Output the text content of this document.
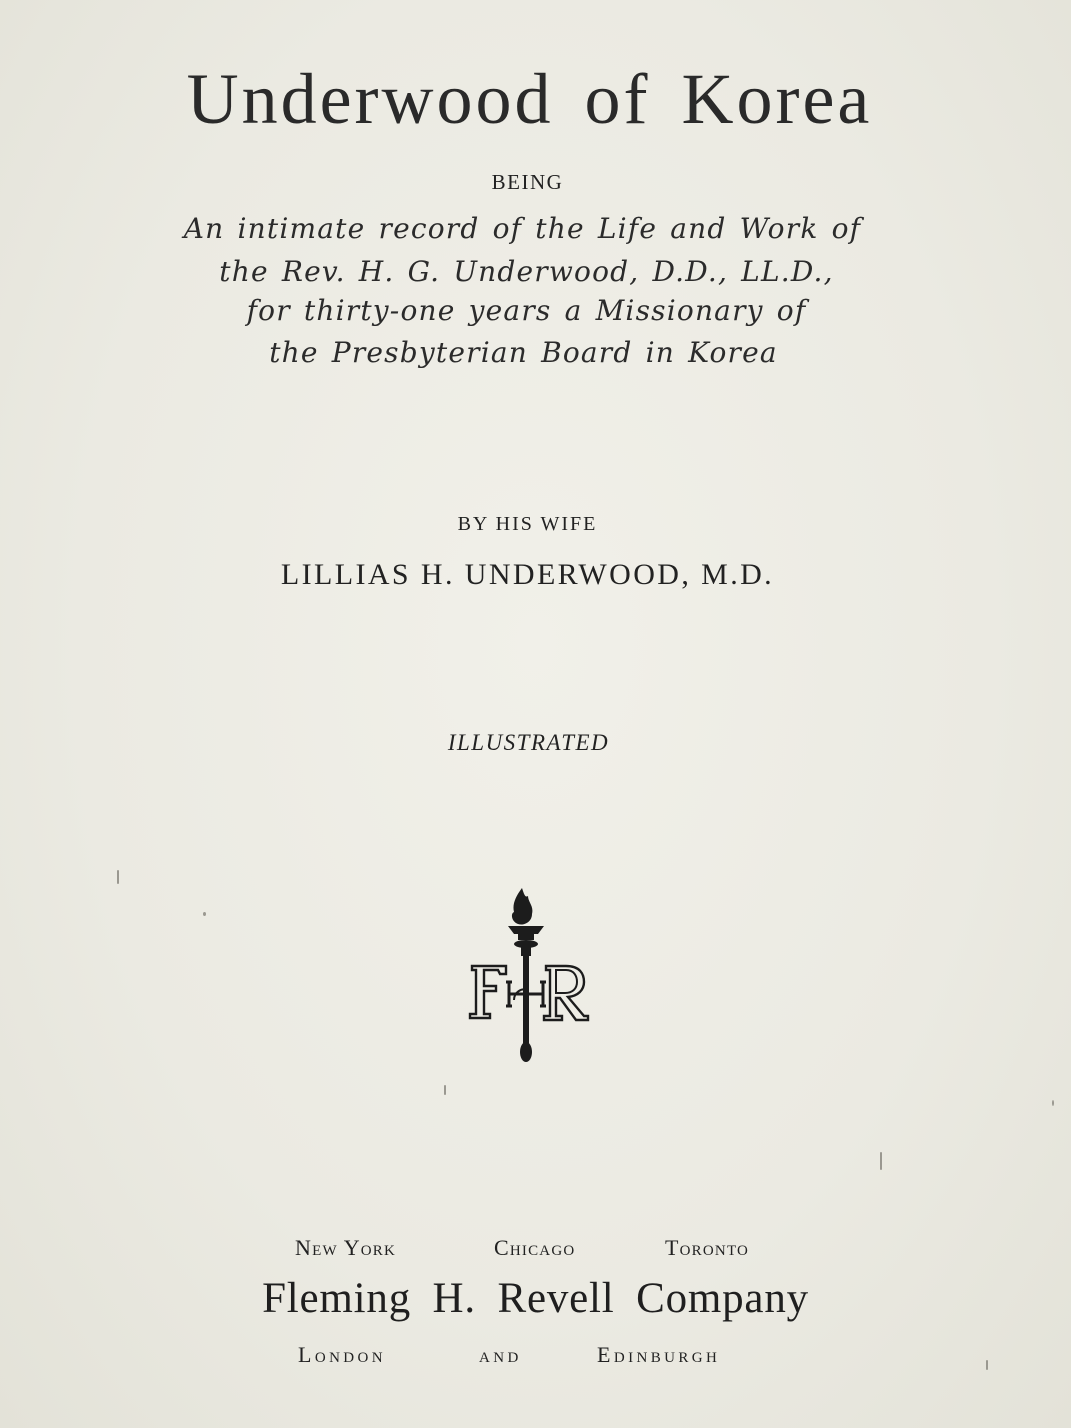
Underwood of Korea
BEING
An intimate record of the Life and Work of
the Rev. H. G. Underwood, D.D., LL.D.,
for thirty-one years a Missionary of
the Presbyterian Board in Korea
BY HIS WIFE
LILLIAS H. UNDERWOOD, M.D.
ILLUSTRATED
New York	Chicago	Toronto
Fleming H. Revell Company
London	and	Edinburgh
